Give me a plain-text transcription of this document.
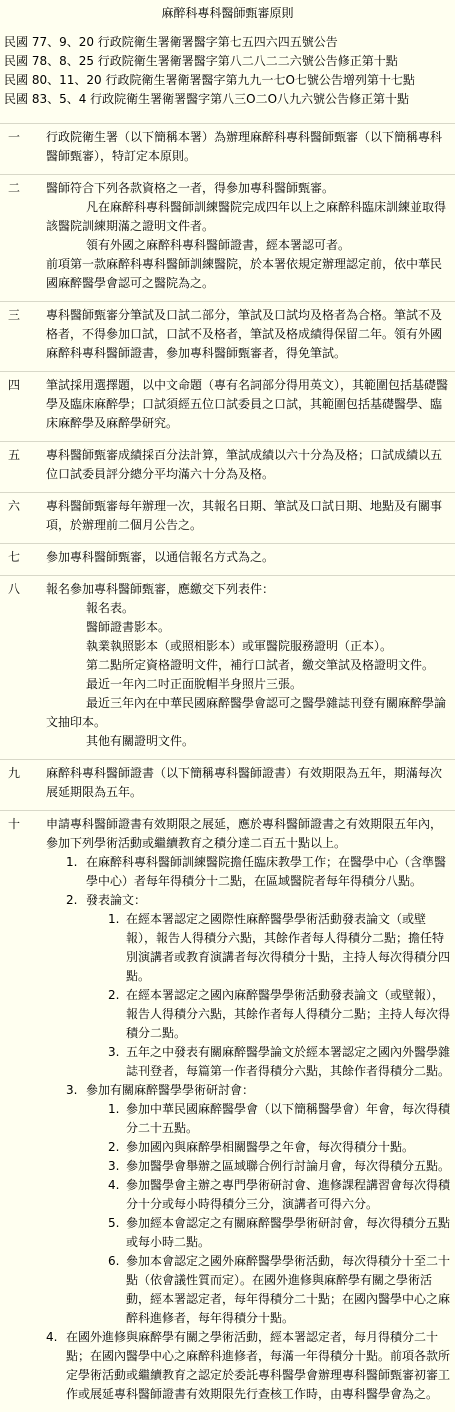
麻醉科專科醫師甄審原則
民國 77、9、20 行政院衛生署衛署醫字第七五四六四五號公告
民國 78、8、25 行政院衛生署衛署醫字第八二八二二六號公告修正第十點
民國 80、11、20 行政院衛生署衛署醫字第九九一七O七號公告增列第十七點
民國 83、5、4 行政院衛生署衛署醫字第八三O二O八九六號公告修正第十點
一 行政院衛生署（以下簡稱本署）為辦理麻醉科專科醫師甄審（以下簡稱專科醫師甄審），特訂定本原則。
二 醫師符合下列各款資格之一者，得參加專科醫師甄審。
凡在麻醉科專科醫師訓練醫院完成四年以上之麻醉科臨床訓練並取得該醫院訓練期滿之證明文件者。
領有外國之麻醉科專科醫師證書，經本署認可者。
前項第一款麻醉科專科醫師訓練醫院，於本署依規定辦理認定前，依中華民國麻醉醫學會認可之醫院為之。
三 專科醫師甄審分筆試及口試二部分，筆試及口試均及格者為合格。筆試不及格者，不得參加口試，口試不及格者，筆試及格成績得保留二年。領有外國麻醉科專科醫師證書，參加專科醫師甄審者，得免筆試。
四 筆試採用選擇題，以中文命題（專有名詞部分得用英文），其範圍包括基礎醫學及臨床麻醉學；口試須經五位口試委員之口試，其範圍包括基礎醫學、臨床麻醉學及麻醉學研究。
五 專科醫師甄審成績採百分法計算，筆試成績以六十分為及格；口試成績以五位口試委員評分總分平均滿六十分為及格。
六 專科醫師甄審每年辦理一次，其報名日期、筆試及口試日期、地點及有關事項，於辦理前二個月公告之。
七 參加專科醫師甄審，以通信報名方式為之。
八 報名參加專科醫師甄審，應繳交下列表件：
報名表。
醫師證書影本。
執業執照影本（或照相影本）或軍醫院服務證明（正本）。
第二點所定資格證明文件，補行口試者，繳交筆試及格證明文件。
最近一年內二吋正面脫帽半身照片三張。
最近三年內在中華民國麻醉醫學會認可之醫學雜誌刊登有關麻醉學論文抽印本。
其他有關證明文件。
九 麻醉科專科醫師證書（以下簡稱專科醫師證書）有效期限為五年，期滿每次展延期限為五年。
十 申請專科醫師證書有效期限之展延，應於專科醫師證書之有效期限五年內，參加下列學術活動或繼續教育之積分達二百五十點以上。
1. 在麻醉科專科醫師訓練醫院擔任臨床教學工作；在醫學中心（含準醫學中心）者每年得積分十二點，在區域醫院者每年得積分八點。
2. 發表論文：
1. 在經本署認定之國際性麻醉醫學學術活動發表論文（或壁報），報告人得積分六點，其餘作者每人得積分二點；擔任特別演講者或教育演講者每次得積分十點，主持人每次得積分四點。
2. 在經本署認定之國內麻醉醫學學術活動發表論文（或壁報），報告人得積分六點，其餘作者每人得積分二點；主持人每次得積分二點。
3. 五年之中發表有關麻醉醫學論文於經本署認定之國內外醫學雜誌刊登者，每篇第一作者得積分六點，其餘作者得積分二點。
3. 參加有關麻醉醫學學術研討會：
1. 參加中華民國麻醉醫學會（以下簡稱醫學會）年會，每次得積分二十五點。
2. 參加國內與麻醉學相關醫學之年會，每次得積分十點。
3. 參加醫學會舉辦之區域聯合例行討論月會，每次得積分五點。
4. 參加醫學會主辦之專門學術研討會、進修課程講習會每次得積分十分或每小時得積分三分，演講者可得六分。
5. 參加經本會認定之有關麻醉醫學學術研討會，每次得積分五點或每小時二點。
6. 參加本會認定之國外麻醉醫學學術活動，每次得積分十至二十點（依會議性質而定）。在國外進修與麻醉學有關之學術活動，經本署認定者，每年得積分二十點；在國內醫學中心之麻醉科進修者，每年得積分十點。
4. 在國外進修與麻醉學有關之學術活動，經本署認定者，每月得積分二十點；在國內醫學中心之麻醉科進修者，每滿一年得積分十點。前項各款所定學術活動或繼續教育之認定於委託專科醫學會辦理專科醫師甄審初審工作或展延專科醫師證書有效期限先行查核工作時，由專科醫學會為之。
